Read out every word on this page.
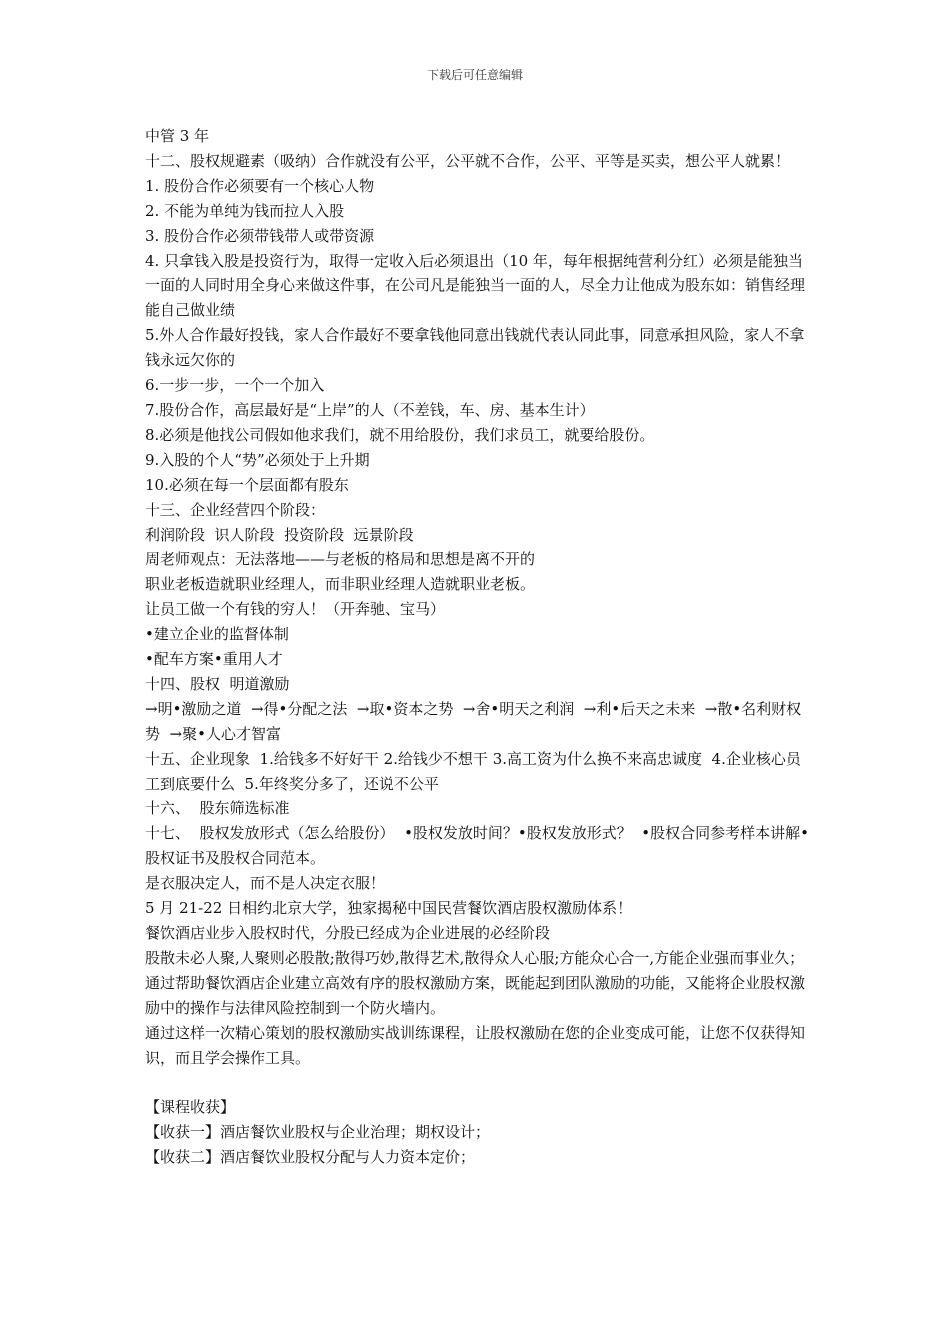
下载后可任意编辑

中管 3 年

十二、股权规避素（吸纳）合作就没有公平，公平就不合作，公平、平等是买卖，想公平人就累！

1. 股份合作必须要有一个核心人物

2. 不能为单纯为钱而拉人入股

3. 股份合作必须带钱带人或带资源

4. 只拿钱入股是投资行为，取得一定收入后必须退出（10 年，每年根据纯营利分红）必须是能独当一面的人同时用全身心来做这件事，在公司凡是能独当一面的人，尽全力让他成为股东如：销售经理能自己做业绩

5.外人合作最好投钱，家人合作最好不要拿钱他同意出钱就代表认同此事，同意承担风险，家人不拿钱永远欠你的

6.一步一步，一个一个加入

7.股份合作，高层最好是“上岸”的人（不差钱，车、房、基本生计）

8.必须是他找公司假如他求我们，就不用给股份，我们求员工，就要给股份。

9.入股的个人“势”必须处于上升期

10.必须在每一个层面都有股东

十三、企业经营四个阶段：

利润阶段  识人阶段  投资阶段  远景阶段

周老师观点：无法落地——与老板的格局和思想是离不开的

职业老板造就职业经理人，而非职业经理人造就职业老板。

让员工做一个有钱的穷人！（开奔驰、宝马）

•建立企业的监督体制

•配车方案•重用人才

十四、股权  明道激励

→明•激励之道  →得•分配之法  →取•资本之势  →舍•明天之利润  →利•后天之未来  →散•名利财权势  →聚•人心才智富

十五、企业现象  1.给钱多不好好干 2.给钱少不想干 3.高工资为什么换不来高忠诚度  4.企业核心员工到底要什么  5.年终奖分多了，还说不公平

十六、  股东筛选标准

十七、  股权发放形式（怎么给股份）  •股权发放时间？•股权发放形式？  •股权合同参考样本讲解•股权证书及股权合同范本。

是衣服决定人，而不是人决定衣服！

5 月 21-22 日相约北京大学，独家揭秘中国民营餐饮酒店股权激励体系！

餐饮酒店业步入股权时代，分股已经成为企业进展的必经阶段

股散未必人聚,人聚则必股散;散得巧妙,散得艺术,散得众人心服;方能众心合一,方能企业强而事业久；

通过帮助餐饮酒店企业建立高效有序的股权激励方案，既能起到团队激励的功能，又能将企业股权激励中的操作与法律风险控制到一个防火墙内。

通过这样一次精心策划的股权激励实战训练课程，让股权激励在您的企业变成可能，让您不仅获得知识，而且学会操作工具。

【课程收获】

【收获一】酒店餐饮业股权与企业治理；期权设计；

【收获二】酒店餐饮业股权分配与人力资本定价；
